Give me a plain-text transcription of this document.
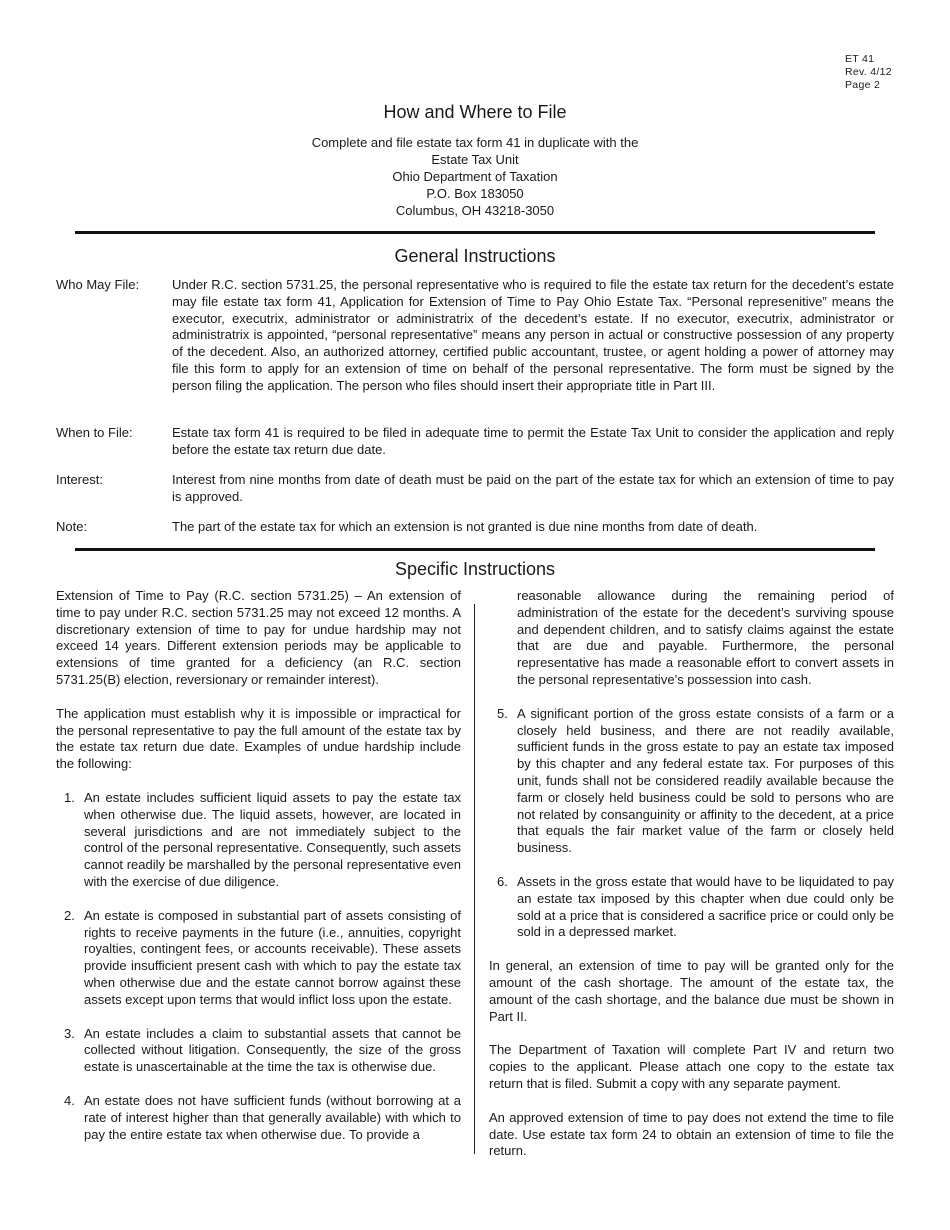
ET 41
Rev. 4/12
Page 2
How and Where to File
Complete and file estate tax form 41 in duplicate with the
Estate Tax Unit
Ohio Department of Taxation
P.O. Box 183050
Columbus, OH 43218-3050
General Instructions
Who May File:	Under R.C. section 5731.25, the personal representative who is required to file the estate tax return for the decedent’s estate may file estate tax form 41, Application for Extension of Time to Pay Ohio Estate Tax. “Personal represenitive” means the executor, executrix, administrator or administratrix of the decedent’s estate. If no executor, executrix, administrator or administratrix is appointed, “personal representative” means any person in actual or constructive possession of any property of the decedent. Also, an authorized attorney, certified public accountant, trustee, or agent holding a power of attorney may file this form to apply for an extension of time on behalf of the personal representative. The form must be signed by the person filing the application. The person who files should insert their appropriate title in Part III.
When to File:	Estate tax form 41 is required to be filed in adequate time to permit the Estate Tax Unit to consider the application and reply before the estate tax return due date.
Interest:	Interest from nine months from date of death must be paid on the part of the estate tax for which an extension of time to pay is approved.
Note:	The part of the estate tax for which an extension is not granted is due nine months from date of death.
Specific Instructions

Extension of Time to Pay (R.C. section 5731.25) – An extension of time to pay under R.C. section 5731.25 may not exceed 12 months. A discretionary extension of time to pay for undue hardship may not exceed 14 years. Different extension periods may be applicable to extensions of time granted for a deficiency (an R.C. section 5731.25(B) election, reversionary or remainder interest).

The application must establish why it is impossible or impractical for the personal representative to pay the full amount of the estate tax by the estate tax return due date. Examples of undue hardship include the following:

1. An estate includes sufficient liquid assets to pay the estate tax when otherwise due. The liquid assets, however, are located in several jurisdictions and are not immediately subject to the control of the personal representative. Consequently, such assets cannot readily be marshalled by the personal representative even with the exercise of due diligence.
2. An estate is composed in substantial part of assets consisting of rights to receive payments in the future (i.e., annuities, copyright royalties, contingent fees, or accounts receivable). These assets provide insufficient present cash with which to pay the estate tax when otherwise due and the estate cannot borrow against these assets except upon terms that would inflict loss upon the estate.
3. An estate includes a claim to substantial assets that cannot be collected without litigation. Consequently, the size of the gross estate is unascertainable at the time the tax is otherwise due.
4. An estate does not have sufficient funds (without borrowing at a rate of interest higher than that generally available) with which to pay the entire estate tax when otherwise due. To provide a
reasonable allowance during the remaining period of administration of the estate for the decedent’s surviving spouse and dependent children, and to satisfy claims against the estate that are due and payable. Furthermore, the personal representative has made a reasonable effort to convert assets in the personal representative’s possession into cash.
5. A significant portion of the gross estate consists of a farm or a closely held business, and there are not readily available, sufficient funds in the gross estate to pay an estate tax imposed by this chapter and any federal estate tax. For purposes of this unit, funds shall not be considered readily available because the farm or closely held business could be sold to persons who are not related by consanguinity or affinity to the decedent, at a price that equals the fair market value of the farm or closely held business.
6. Assets in the gross estate that would have to be liquidated to pay an estate tax imposed by this chapter when due could only be sold at a price that is considered a sacrifice price or could only be sold in a depressed market.

In general, an extension of time to pay will be granted only for the amount of the cash shortage. The amount of the estate tax, the amount of the cash shortage, and the balance due must be shown in Part II.

The Department of Taxation will complete Part IV and return two copies to the applicant. Please attach one copy to the estate tax return that is filed. Submit a copy with any separate payment.

An approved extension of time to pay does not extend the time to file date. Use estate tax form 24 to obtain an extension of time to file the return.
